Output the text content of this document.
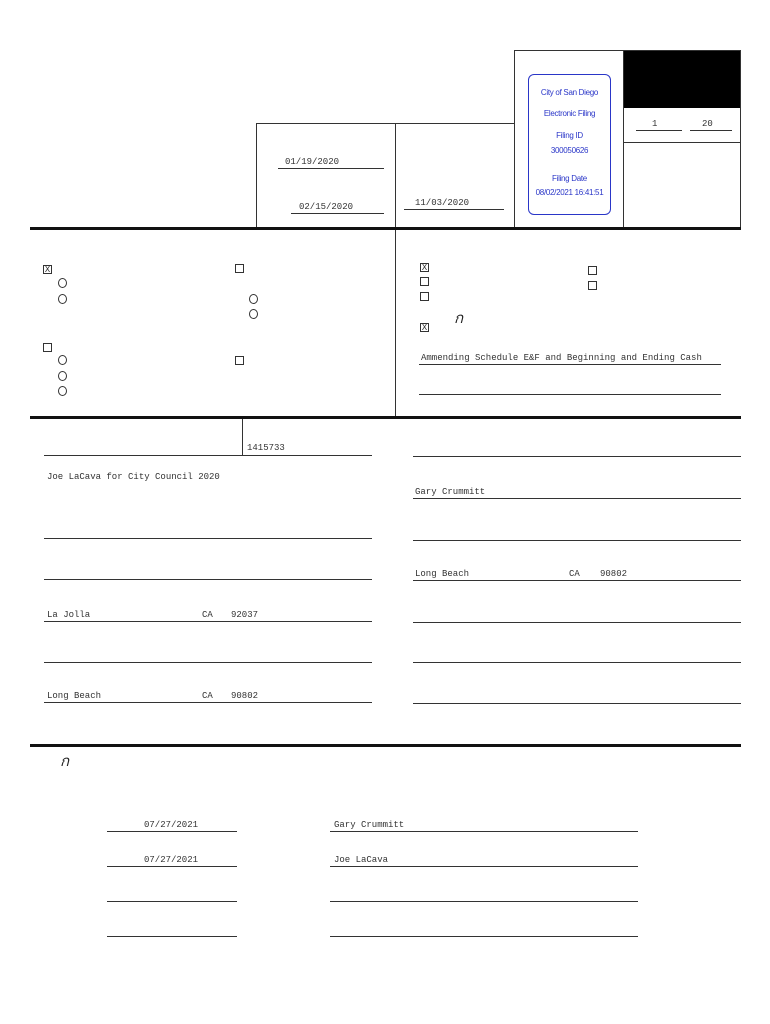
1	20
01/19/2020
02/15/2020	11/03/2020
City of San Diego
Electronic Filing
Filing ID
300050626
Filing Date
08/02/2021 16:41:51
X	X
ก
X
Ammending Schedule E&F and Beginning and Ending Cash
1415733
Joe LaCava for City Council 2020
La Jolla	CA 92037
Long Beach	CA 90802
Gary Crummitt
Long Beach	CA 90802
ก
07/27/2021	Gary Crummitt
07/27/2021	Joe LaCava
